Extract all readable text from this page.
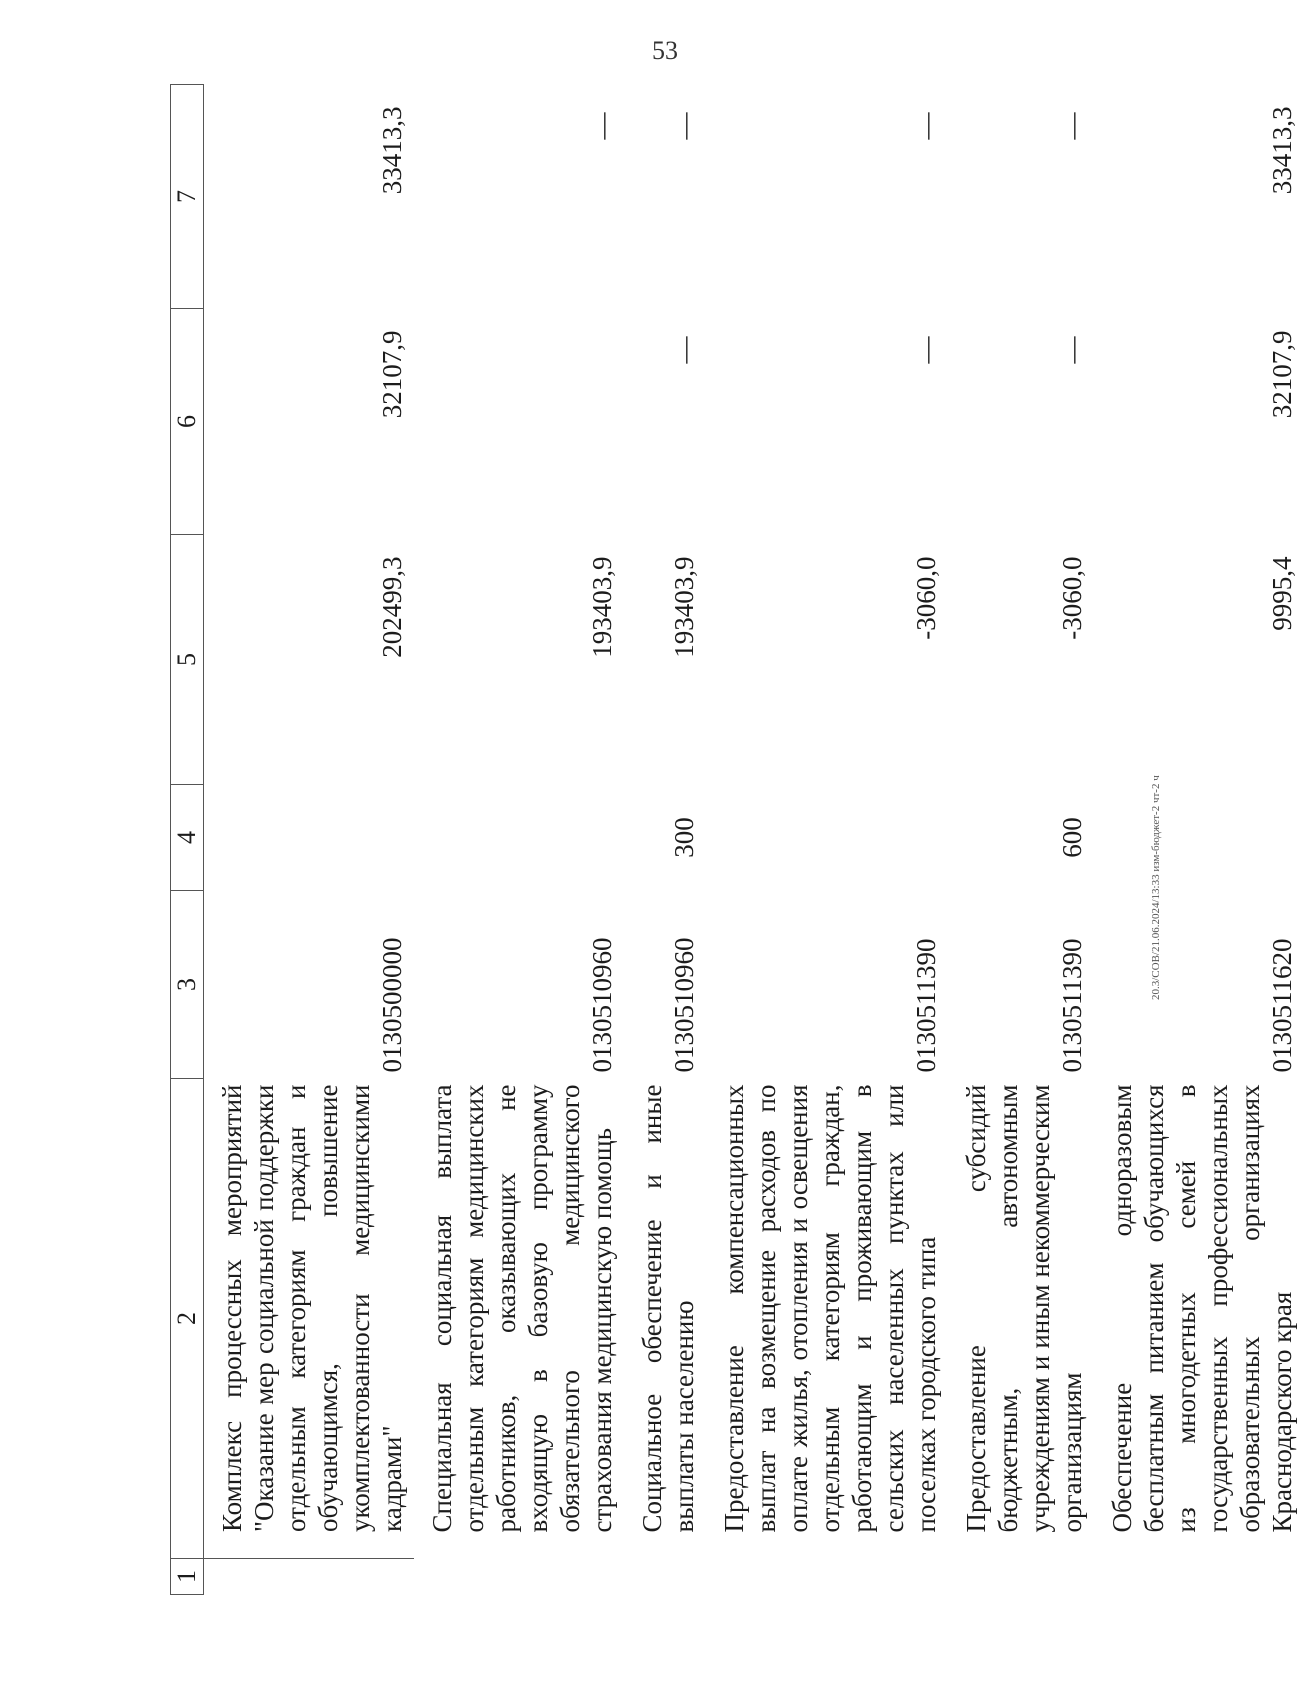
53
1	2	3	4	5	6	7
	Комплекс процессных мероприятий "Оказание мер социальной поддержки отдельным категориям граждан и обучающимся, повышение укомплектованности медицинскими кадрами"	0130500000		202499,3	32107,9	33413,3
	Специальная социальная выплата отдельным категориям медицинских работников, оказывающих не входящую в базовую программу обязательного медицинского страхования медицинскую помощь	0130510960		193403,9		—
	Социальное обеспечение и иные выплаты населению	0130510960	300	193403,9	—	—
	Предоставление компенсационных выплат на возмещение расходов по оплате жилья, отопления и освещения отдельным категориям граждан, работающим и проживающим в сельских населенных пунктах или поселках городского типа	0130511390		-3060,0	—	—
	Предоставление субсидий бюджетным, автономным учреждениям и иным некоммерческим организациям	0130511390	600	-3060,0	—	—
	Обеспечение одноразовым бесплатным питанием обучающихся из многодетных семей в государственных профессиональных образовательных организациях Краснодарского края	0130511620		9995,4	32107,9	33413,3
20.3/СОВ/21.06.2024/13:33 изм-бюджет-2 чт-2 ч
